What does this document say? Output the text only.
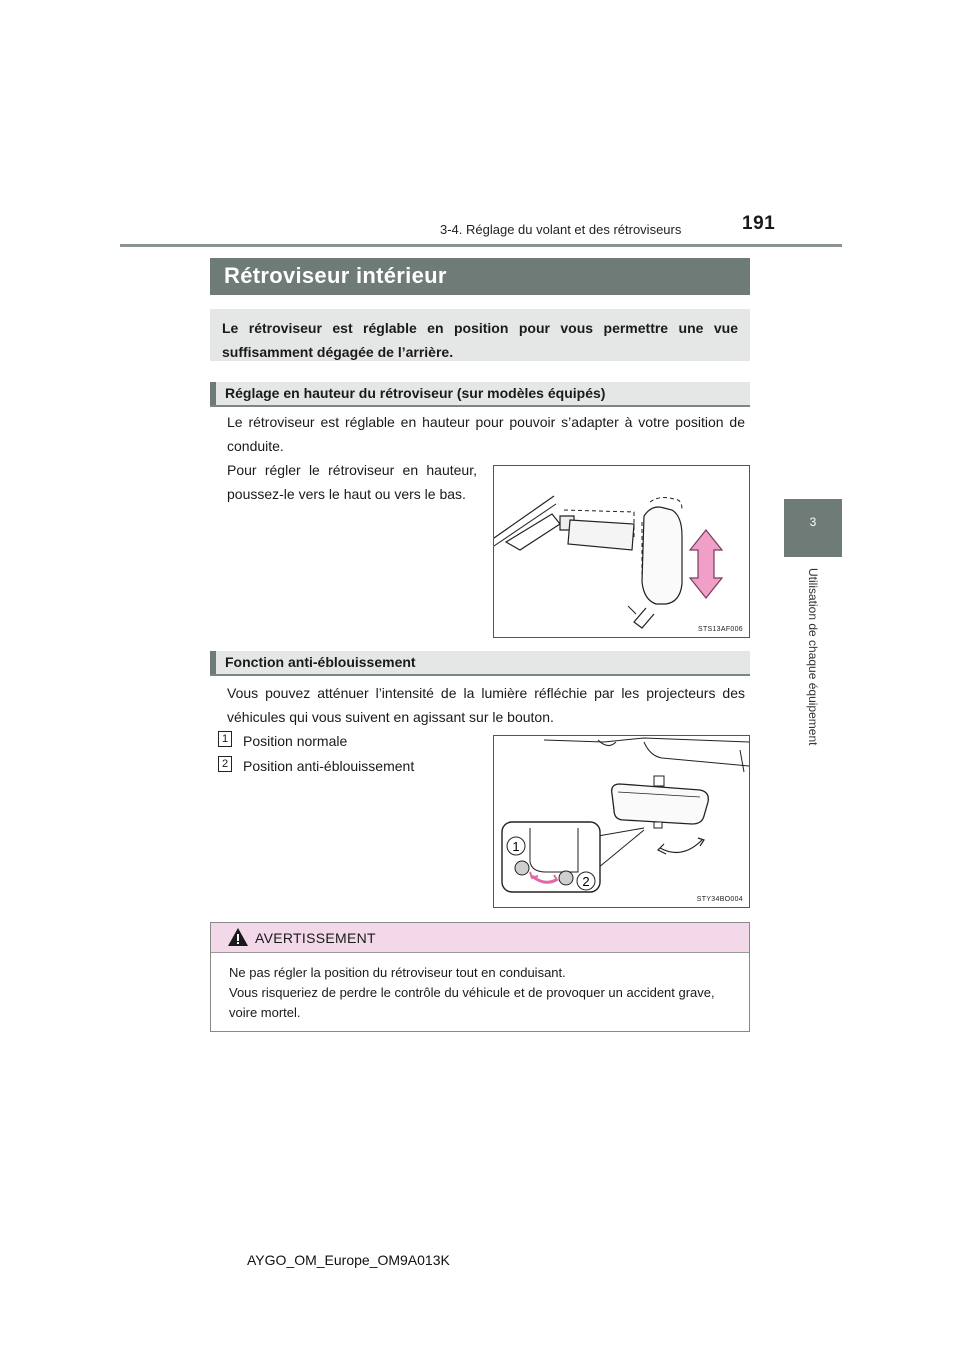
3-4. Réglage du volant et des rétroviseurs	191
3
Utilisation de chaque équipement
Rétroviseur intérieur
Le rétroviseur est réglable en position pour vous permettre une vue suffisamment dégagée de l’arrière.
Réglage en hauteur du rétroviseur (sur modèles équipés)
Le rétroviseur est réglable en hauteur pour pouvoir s’adapter à votre position de conduite.
Pour régler le rétroviseur en hauteur, poussez-le vers le haut ou vers le bas.
STS13AF006
Fonction anti-éblouissement
Vous pouvez atténuer l’intensité de la lumière réfléchie par les projecteurs des véhicules qui vous suivent en agissant sur le bouton.
1 Position normale
2 Position anti-éblouissement
1
2
STY34BO004
AVERTISSEMENT
Ne pas régler la position du rétroviseur tout en conduisant.
Vous risqueriez de perdre le contrôle du véhicule et de provoquer un accident grave, voire mortel.
AYGO_OM_Europe_OM9A013K
